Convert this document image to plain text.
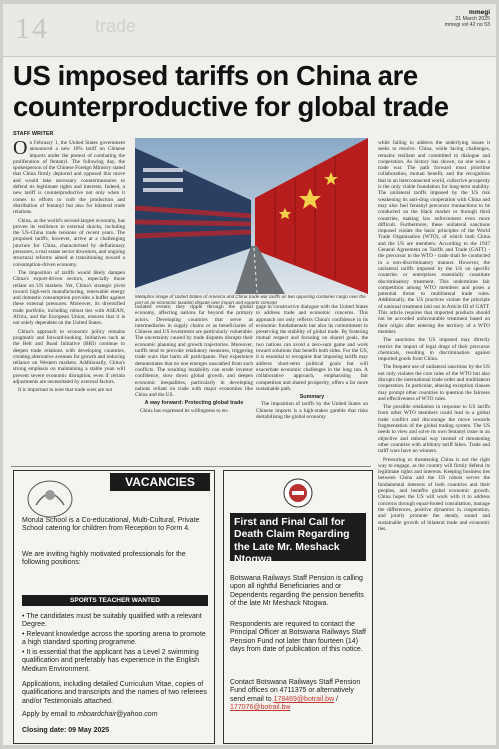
14	trade
mmegi
21 March 2025
mmegi vol 42 no 53
US imposed tariffs on China are counterproductive for global trade
STAFF WRITER

On February 1, the United States government announced a new 10% tariff on Chinese imports under the pretext of combating the proliferation of fentanyl. The following day, the spokesperson of the Chinese Foreign Ministry stated that China firmly deplored and opposed this move and would take necessary countermeasures to defend its legitimate rights and interests. Indeed, a new tariff is counterproductive not only when it comes to efforts to curb the production and distribution of fentanyl but also for bilateral trade relations.

China, as the world's second-largest economy, has proven its resilience to external shocks, including the US-China trade tensions of recent years. The proposed tariffs, however, arrive at a challenging juncture for China, characterised by deflationary pressures, a real estate sector downturn, and ongoing structural reforms aimed at transitioning toward a consumption-driven economy.

The imposition of tariffs would likely dampen China's export-driven sectors, especially those reliant on US markets. Yet, China's strategic pivot toward high-tech manufacturing, renewable energy and domestic consumption provides a buffer against these external pressures. Moreover, its diversified trade portfolio, including robust ties with ASEAN, Africa, and the European Union, ensures that it is not solely dependent on the United States.

China's approach to economic policy remains pragmatic and forward-looking. Initiatives such as the Belt and Road Initiative (BRI) continue to deepen trade relations with developing countries, creating alternative avenues for growth and reducing reliance on Western markets. Additionally, China's strong emphasis on maintaining a stable yuan will prevent severe economic disruption, even if certain adjustments are necessitated by external factors.

It is important to note that trade wars are not

Metaphor image of United States of America and China trade war tariffs as two opposing container cargo over the port as an economic taxation dispute over import and exports concept

isolated events; they ripple through the global economy, affecting nations far beyond the primary actors. Developing countries that serve as intermediaries in supply chains or as beneficiaries of Chinese and US investment are particularly vulnerable. The uncertainty caused by trade disputes disrupts their economic planning and growth trajectories. Moreover, tariffs tend to provoke retaliatory measures, triggering trade wars that harm all participants. Past experience demonstrates that no one emerges unscathed from such conflicts. The resulting instability can erode investor confidence, slow down global growth, and deepen economic inequalities, particularly in developing nations reliant on trade with major economies like China and the US.

A way forward: Protecting global trade

China has expressed its willingness to en-

gage in constructive dialogue with the United States to address trade and economic concerns. This approach not only reflects China's confidence in its economic fundamentals but also its commitment to preserving the stability of global trade. By fostering mutual respect and focusing on shared goals, the two nations can avoid a zero-sum game and work toward solutions that benefit both sides. For the US, it is essential to recognise that imposing tariffs may address short-term political goals but will exacerbate economic challenges in the long run. A collaborative approach, emphasising fair competition and shared prosperity, offers a far more sustainable path.

Summary

The imposition of tariffs by the United States on Chinese imports is a high-stakes gamble that risks destabilising the global economy

while failing to address the underlying issues it seeks to resolve. China, while facing challenges, remains resilient and committed to dialogue and cooperation. As history has shown, no one wins a trade war. The path forward must prioritise collaboration, mutual benefit, and the recognition that in an interconnected world, collective prosperity is the only viable foundation for long-term stability. The unilateral tariffs imposed by the US risk weakening its anti-drug cooperation with China and may also fuel fentanyl precursor transactions to be conducted on the black market or through third countries, making law enforcement even more difficult. Furthermore, these unilateral sanctions imposed violate the basic principles of the World Trade Organisation (WTO), of which both China and the US are members. According to the 1947 General Agreement on Tariffs and Trade (GATT) - the precursor to the WTO - trade shall be conducted in a non-discriminatory manner. However, the unilateral tariffs imposed by the US on specific countries or enterprises essentially constitute discriminatory treatment. This undermines fair competition among WTO members and poses a potential threat to multilateral trade rules. Additionally, the US practices violate the principle of national treatment laid out in Article III of GATT. This article requires that imported products should not be accorded unfavourable treatment based on their origin after entering the territory of a WTO member.

The sanctions the US imposed may directly restrict the import of legal drugs of their precursor chemicals, resulting in discrimination against imported goods from China.

The frequent use of unilateral sanctions by the US not only violates the core rules of the WTO but also disrupts the international trade order and multilateral cooperation. In particular, abusing exception clauses may prompt other countries to question the fairness and effectiveness of WTO rules.

The possible retaliation in response to US tariffs from other WTO members could lead to a global trade conflict and discourage the move towards fragmentation of the global trading system. The US needs to view and solve its own fentanyl issue in an objective and rational way instead of threatening other countries with arbitrary tariff hikes. Trade and tariff wars have no winners.

Pressuring or threatening China is not the right way to engage, as the country will firmly defend its legitimate rights and interests. Keeping business ties between China and the US robust serves the fundamental interests of both countries and their peoples, and benefits global economic growth. China hopes the US will work with it to address concerns through equal-footed consultation, manage the differences, positive dynamics in cooperation, and jointly promote the steady, sound and sustainable growth of bilateral trade and economic ties.

VACANCIES
Morula School is a Co-educational, Multi-Cultural, Private School catering for children from Reception to Form 4.
We are inviting highly motivated professionals for the following positions:
SPORTS TEACHER WANTED
• The candidates must be suitably qualified with a relevant Degree.
• Relevant knowledge across the sporting arena to promote a high standard sporting programme.
• It is essential that the applicant has a Level 2 swimming qualification and preferably has experience in the English Medium Environment.
Applications, including detailed Curriculum Vitae, copies of qualifications and transcripts and the names of two referees and/or Testimonials attached.
Apply by email to mboardchair@yahoo.com
Closing date: 09 May 2025
First and Final Call for Death Claim Regarding the Late Mr. Meshack Ntogwa
Botswana Railways Staff Pension is calling upon all rightful Beneficiaries and or Dependents regarding the pension benefits of the late Mr Meshack Ntogwa.
Respondents are required to contact the Principal Officer at Botswana Railways Staff Pension Fund not later than fourteen (14) days from date of publication of this notice.
Contact Botswana Railways Staff Pension Fund offices on 4711375 or alternatively send email to 178469@botrail.bw / 177076@botrail.bw
